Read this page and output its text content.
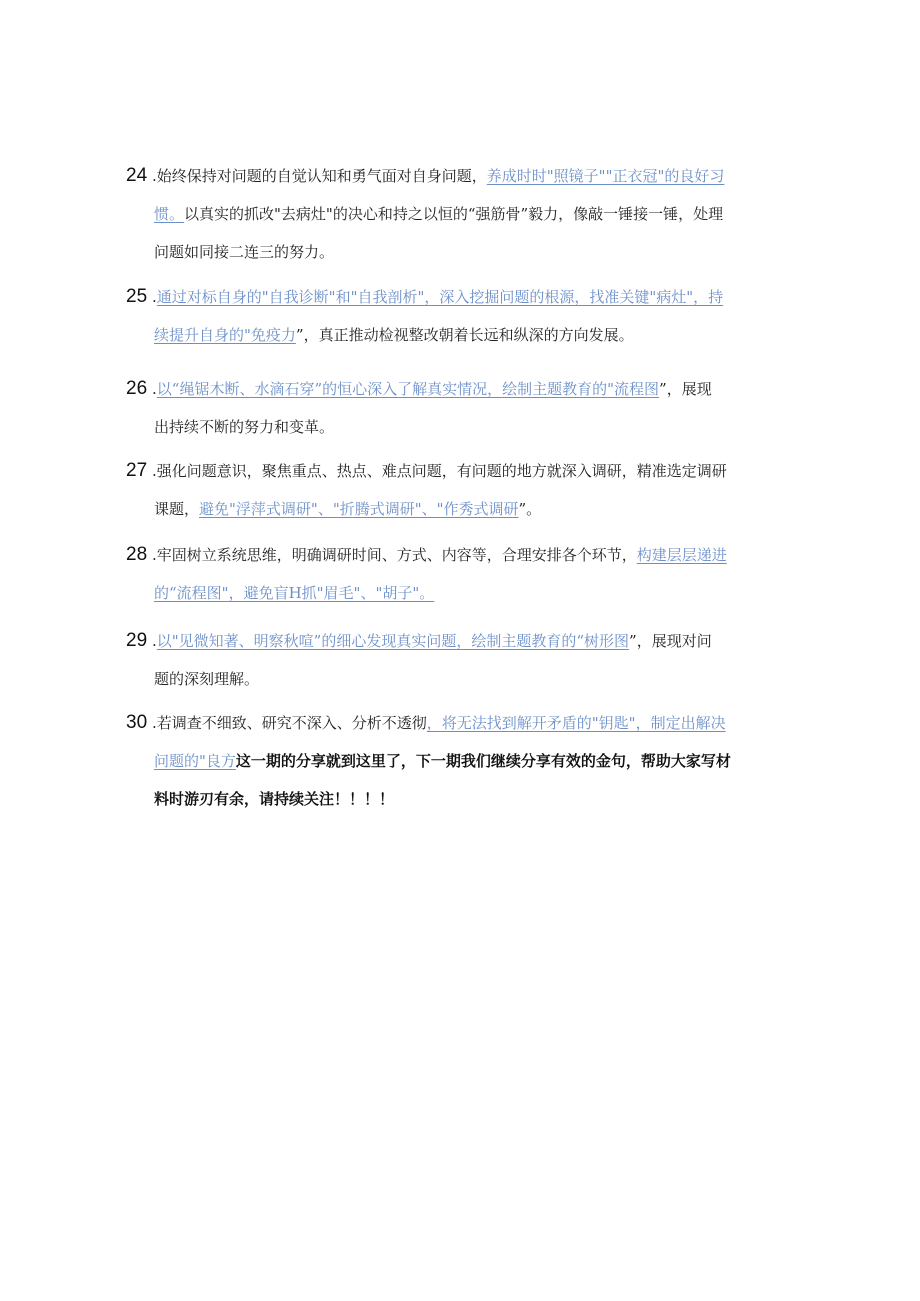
24 .始终保持对问题的自觉认知和勇气面对自身问题，养成时时"照镜子""正衣冠"的良好习
惯。以真实的抓改"去病灶"的决心和持之以恒的“强筋骨”毅力，像敲一锤接一锤，处理
问题如同接二连三的努力。
25 .通过对标自身的"自我诊断"和"自我剖析"，深入挖掘问题的根源，找准关键"病灶"，持
续提升自身的"免疫力”，真正推动检视整改朝着长远和纵深的方向发展。
26 .以“绳锯木断、水滴石穿”的恒心深入了解真实情况，绘制主题教育的"流程图”，展现
出持续不断的努力和变革。
27 .强化问题意识，聚焦重点、热点、难点问题，有问题的地方就深入调研，精准选定调研
课题，避免"浮萍式调研"、"折腾式调研"、"作秀式调研”。
28 .牢固树立系统思维，明确调研时间、方式、内容等，合理安排各个环节，构建层层递进
的“流程图"，避免盲H抓"眉毛"、"胡子"。
29 .以"见微知著、明察秋喧”的细心发现真实问题，绘制主题教育的“树形图”，展现对问
题的深刻理解。
30 .若调查不细致、研究不深入、分析不透彻，将无法找到解开矛盾的"钥匙"，制定出解决
问题的"良方这一期的分享就到这里了，下一期我们继续分享有效的金句，帮助大家写材
料时游刃有余，请持续关注！！！！
